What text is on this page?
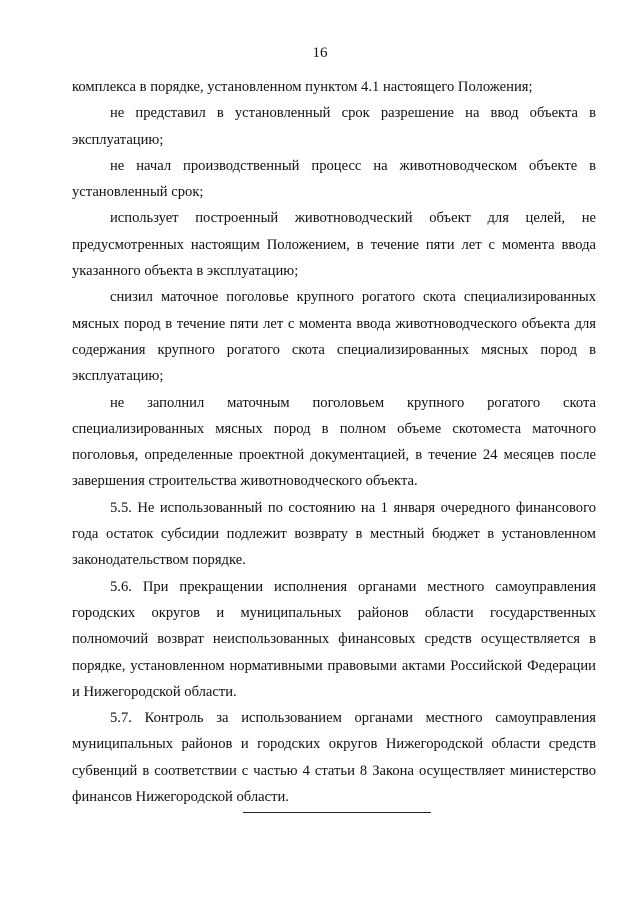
16

комплекса в порядке, установленном пунктом 4.1 настоящего Положения;

не представил в установленный срок разрешение на ввод объекта в эксплуатацию;

не начал производственный процесс на животноводческом объекте в установленный срок;

использует построенный животноводческий объект для целей, не предусмотренных настоящим Положением, в течение пяти лет с момента ввода указанного объекта в эксплуатацию;

снизил маточное поголовье крупного рогатого скота специализированных мясных пород в течение пяти лет с момента ввода животноводческого объекта для содержания крупного рогатого скота специализированных мясных пород в эксплуатацию;

не заполнил маточным поголовьем крупного рогатого скота специализированных мясных пород в полном объеме скотоместа маточного поголовья, определенные проектной документацией, в течение 24 месяцев после завершения строительства животноводческого объекта.

5.5. Не использованный по состоянию на 1 января очередного финансового года остаток субсидии подлежит возврату в местный бюджет в установленном законодательством порядке.

5.6. При прекращении исполнения органами местного самоуправления городских округов и муниципальных районов области государственных полномочий возврат неиспользованных финансовых средств осуществляется в порядке, установленном нормативными правовыми актами Российской Федерации и Нижегородской области.

5.7. Контроль за использованием органами местного самоуправления муниципальных районов и городских округов Нижегородской области средств субвенций в соответствии с частью 4 статьи 8 Закона осуществляет министерство финансов Нижегородской области.
